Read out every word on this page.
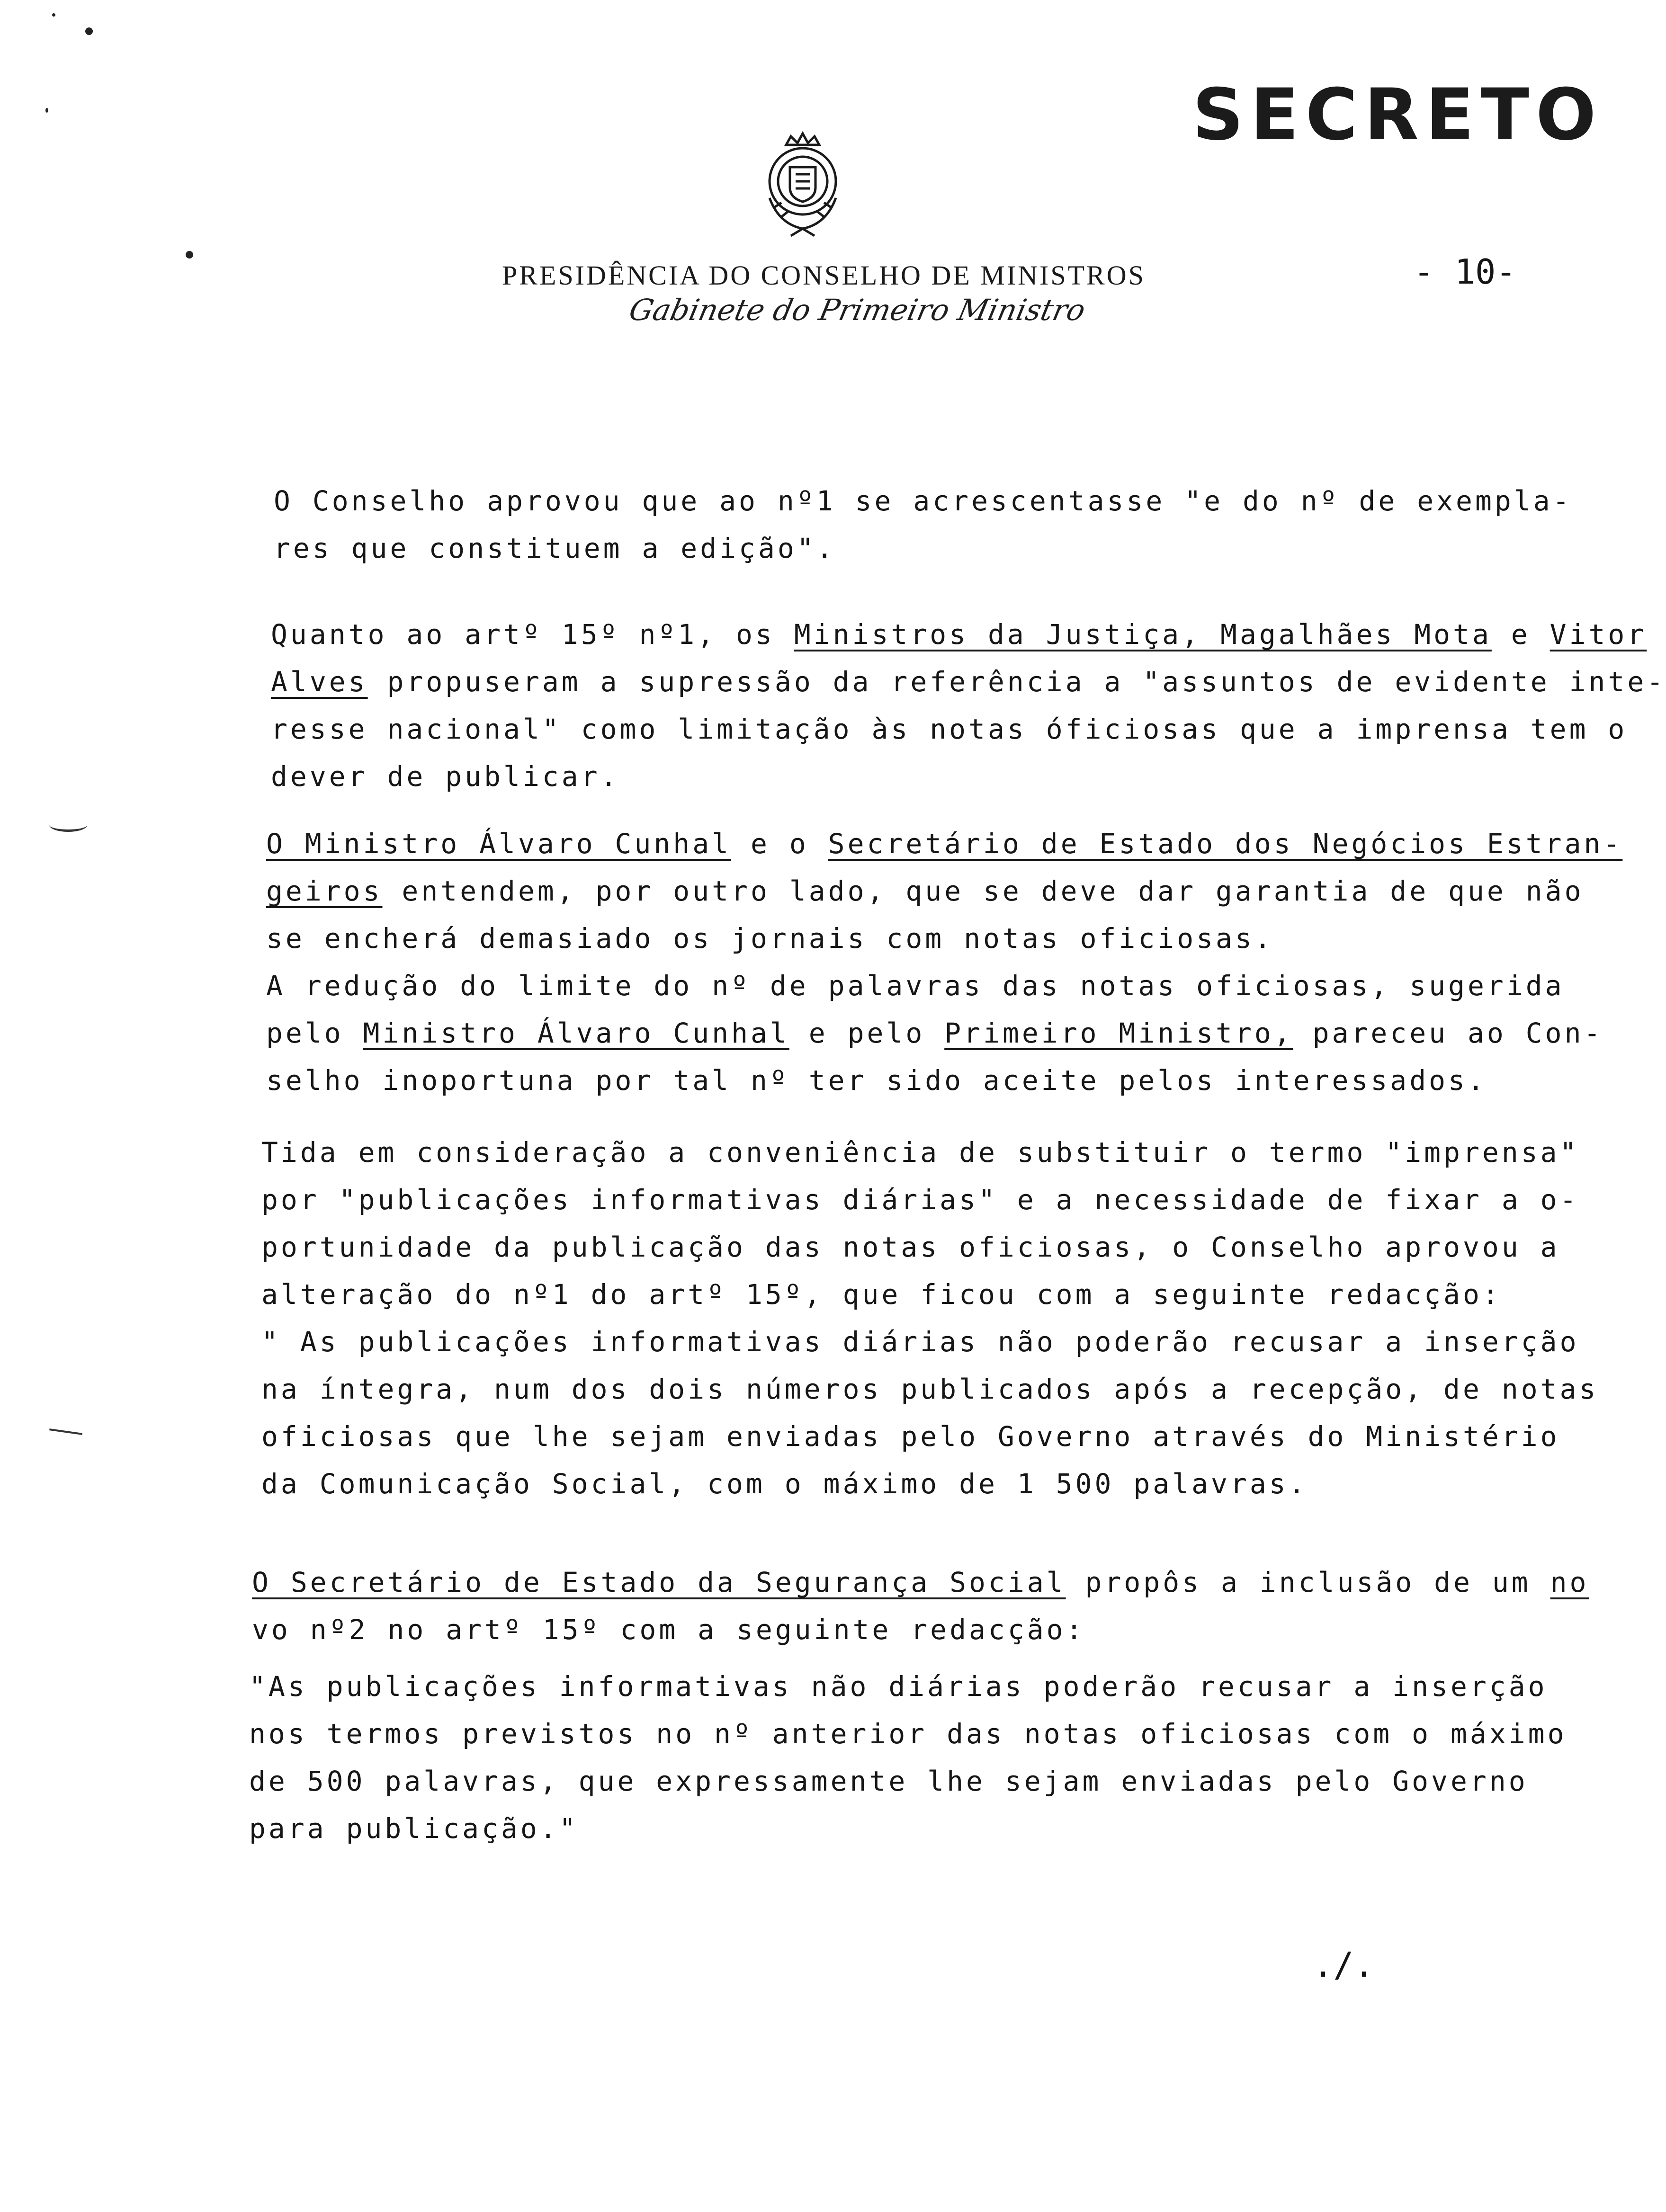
SECRETO
PRESIDÊNCIA DO CONSELHO DE MINISTROS
Gabinete do Primeiro Ministro
- 10-
O Conselho aprovou que ao nº1 se acrescentasse "e do nº de exempla-
res que constituem a edição".
Quanto ao artº 15º nº1, os Ministros da Justiça, Magalhães Mota e Vitor
Alves propuseram a supressão da referência a "assuntos de evidente inte-
resse nacional" como limitação às notas óficiosas que a imprensa tem o
dever de publicar.
O Ministro Álvaro Cunhal e o Secretário de Estado dos Negócios Estran-
geiros entendem, por outro lado, que se deve dar garantia de que não
se encherá demasiado os jornais com notas oficiosas.
A redução do limite do nº de palavras das notas oficiosas, sugerida
pelo Ministro Álvaro Cunhal e pelo Primeiro Ministro, pareceu ao Con-
selho inoportuna por tal nº ter sido aceite pelos interessados.
Tida em consideração a conveniência de substituir o termo "imprensa"
por "publicações informativas diárias" e a necessidade de fixar a o-
portunidade da publicação das notas oficiosas, o Conselho aprovou a
alteração do nº1 do artº 15º, que ficou com a seguinte redacção:
" As publicações informativas diárias não poderão recusar a inserção
na íntegra, num dos dois números publicados após a recepção, de notas
oficiosas que lhe sejam enviadas pelo Governo através do Ministério
da Comunicação Social, com o máximo de 1 500 palavras.
O Secretário de Estado da Segurança Social propôs a inclusão de um no
vo nº2 no artº 15º com a seguinte redacção:
"As publicações informativas não diárias poderão recusar a inserção
nos termos previstos no nº anterior das notas oficiosas com o máximo
de 500 palavras, que expressamente lhe sejam enviadas pelo Governo
para publicação."
./.
